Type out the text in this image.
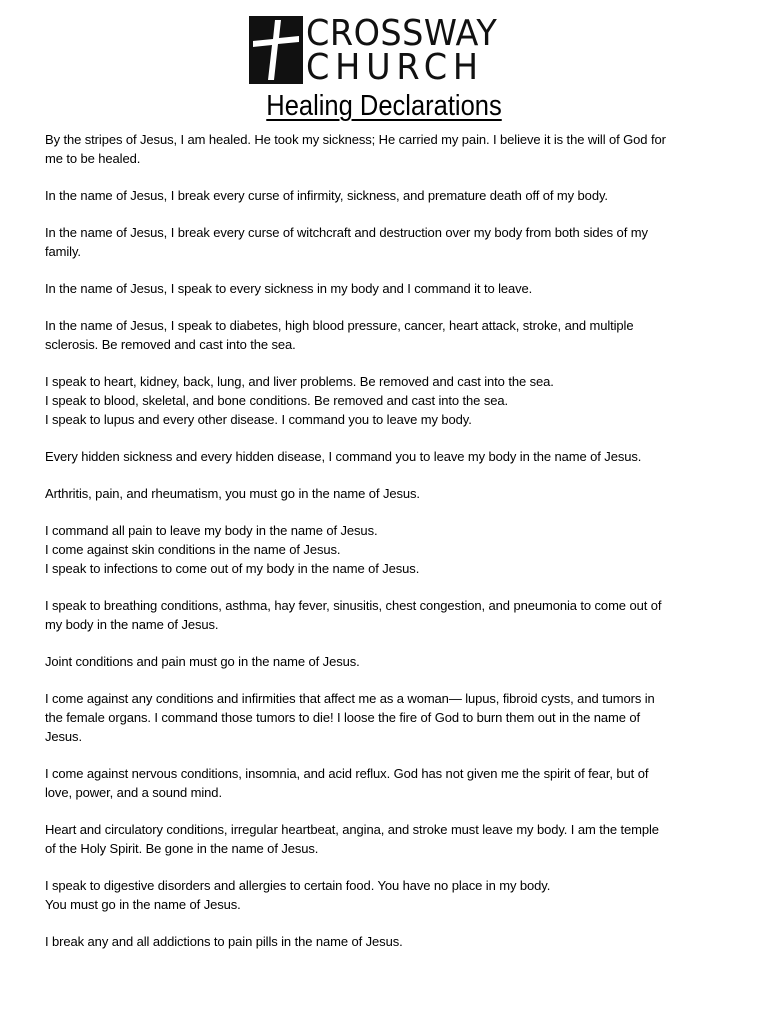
CROSSWAY
CHURCH
Healing Declarations

By the stripes of Jesus, I am healed. He took my sickness; He carried my pain. I believe it is the will of God for
me to be healed.

In the name of Jesus, I break every curse of infirmity, sickness, and premature death off of my body.

In the name of Jesus, I break every curse of witchcraft and destruction over my body from both sides of my
family.

In the name of Jesus, I speak to every sickness in my body and I command it to leave.

In the name of Jesus, I speak to diabetes, high blood pressure, cancer, heart attack, stroke, and multiple
sclerosis. Be removed and cast into the sea.

I speak to heart, kidney, back, lung, and liver problems. Be removed and cast into the sea.
I speak to blood, skeletal, and bone conditions. Be removed and cast into the sea.
I speak to lupus and every other disease. I command you to leave my body.

Every hidden sickness and every hidden disease, I command you to leave my body in the name of Jesus.

Arthritis, pain, and rheumatism, you must go in the name of Jesus.

I command all pain to leave my body in the name of Jesus.
I come against skin conditions in the name of Jesus.
I speak to infections to come out of my body in the name of Jesus.

I speak to breathing conditions, asthma, hay fever, sinusitis, chest congestion, and pneumonia to come out of
my body in the name of Jesus.

Joint conditions and pain must go in the name of Jesus.

I come against any conditions and infirmities that affect me as a woman— lupus, fibroid cysts, and tumors in
the female organs. I command those tumors to die! I loose the fire of God to burn them out in the name of
Jesus.

I come against nervous conditions, insomnia, and acid reflux. God has not given me the spirit of fear, but of
love, power, and a sound mind.

Heart and circulatory conditions, irregular heartbeat, angina, and stroke must leave my body. I am the temple
of the Holy Spirit. Be gone in the name of Jesus.

I speak to digestive disorders and allergies to certain food. You have no place in my body.
You must go in the name of Jesus.

I break any and all addictions to pain pills in the name of Jesus.
